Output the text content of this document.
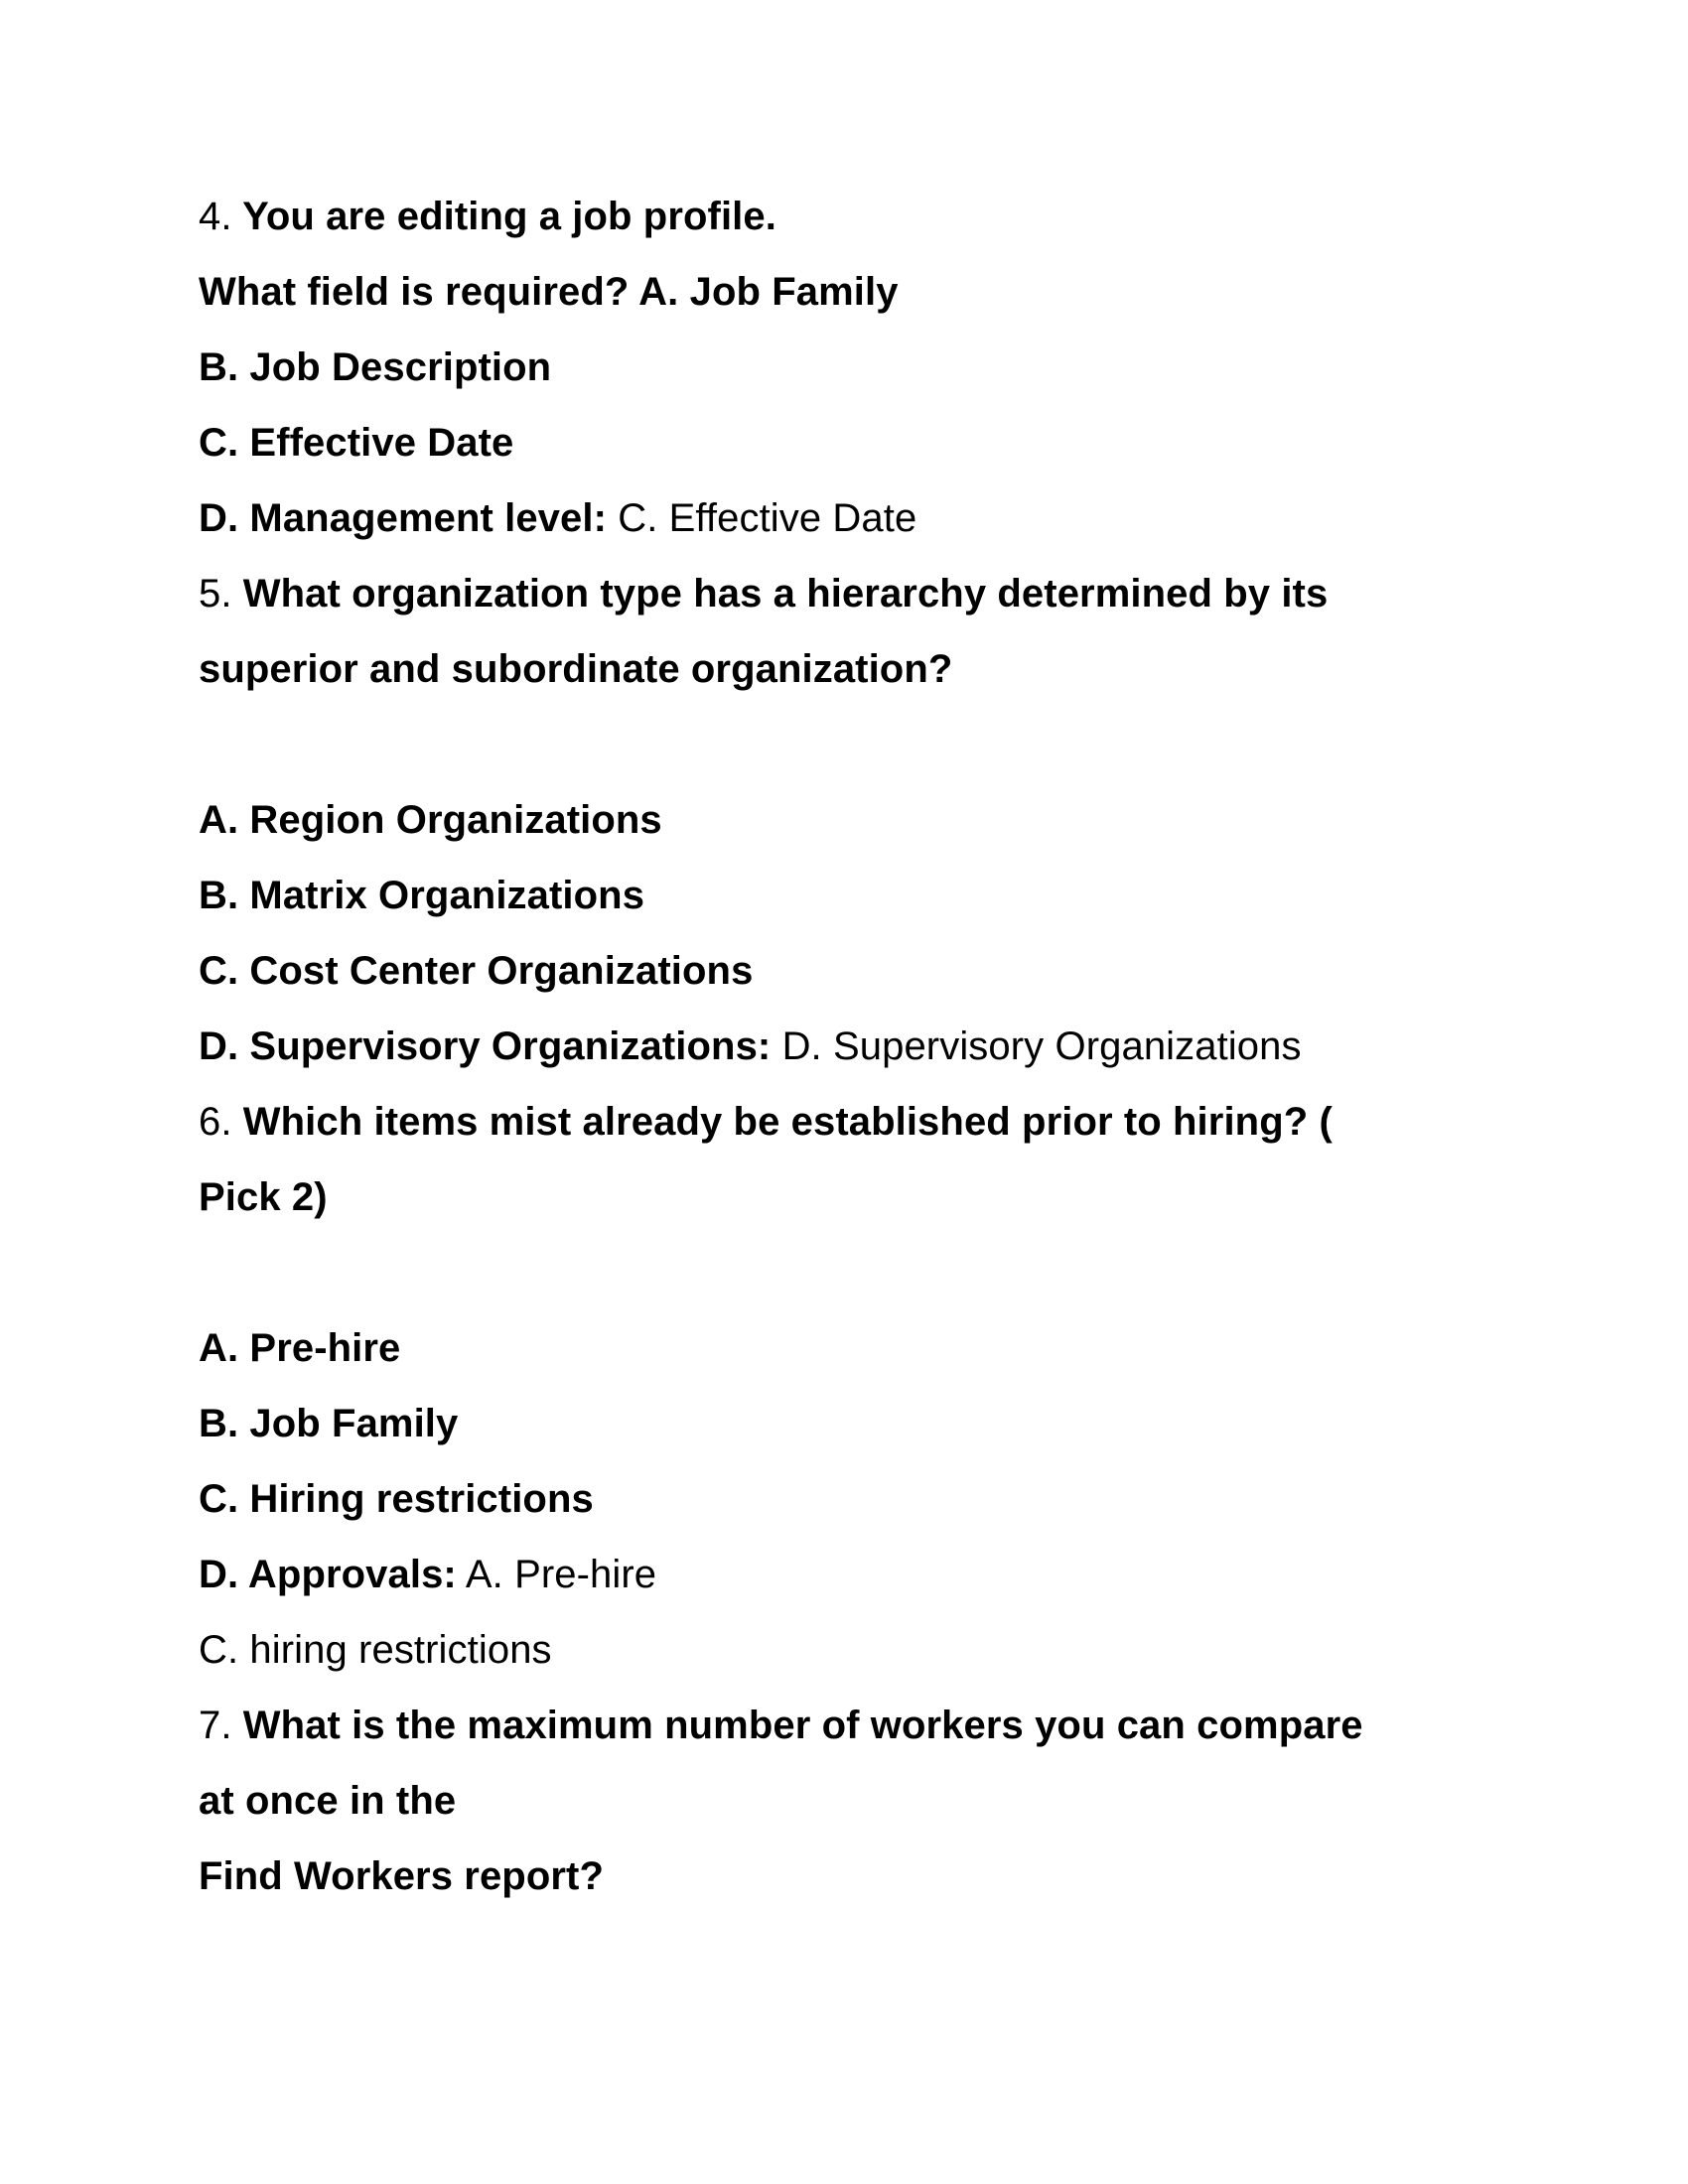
4. You are editing a job profile.
What field is required? A. Job Family
B. Job Description
C. Effective Date
D. Management level: C. Effective Date
5. What organization type has a hierarchy determined by its
superior and subordinate organization?
A. Region Organizations
B. Matrix Organizations
C. Cost Center Organizations
D. Supervisory Organizations: D. Supervisory Organizations
6. Which items mist already be established prior to hiring? (
Pick 2)
A. Pre-hire
B. Job Family
C. Hiring restrictions
D. Approvals: A. Pre-hire
C. hiring restrictions
7. What is the maximum number of workers you can compare
at once in the
Find Workers report?
